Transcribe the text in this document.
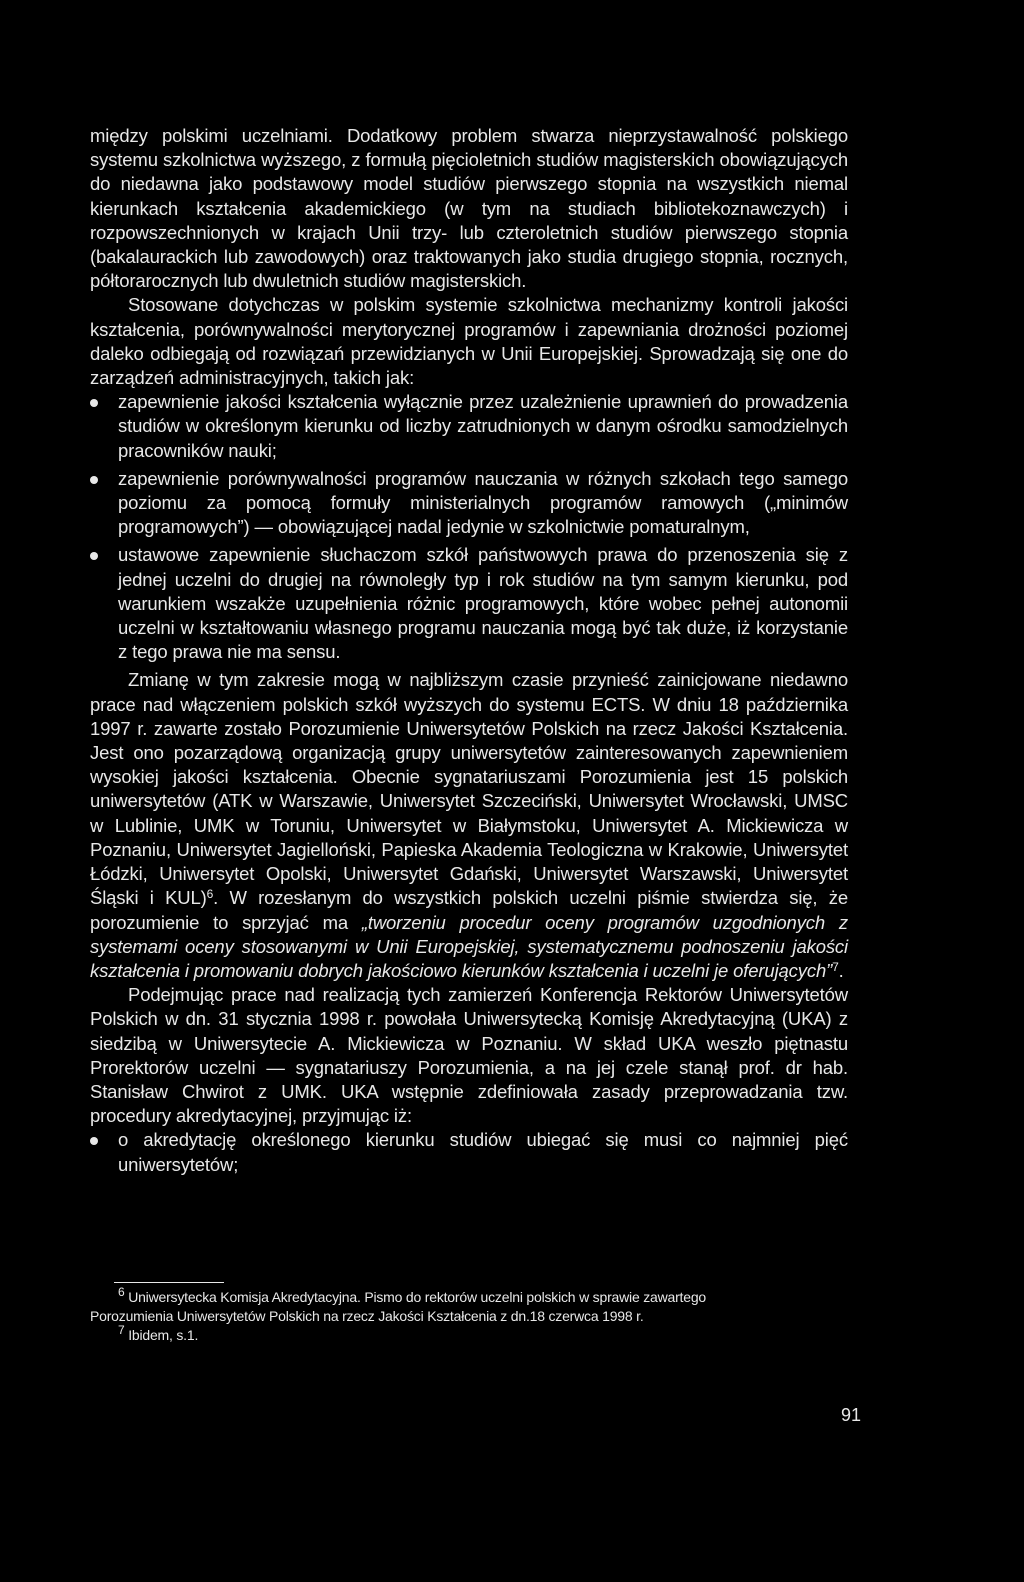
między polskimi uczelniami. Dodatkowy problem stwarza nieprzystawalność polskiego systemu szkolnictwa wyższego, z formułą pięcioletnich studiów magisterskich obowiązujących do niedawna jako podstawowy model studiów pierwszego stopnia na wszystkich niemal kierunkach kształcenia akademickiego (w tym na studiach bibliotekoznawczych) i rozpowszechnionych w krajach Unii trzy- lub czteroletnich studiów pierwszego stopnia (bakalaurackich lub zawodowych) oraz traktowanych jako studia drugiego stopnia, rocznych, półtorarocznych lub dwuletnich studiów magisterskich.

Stosowane dotychczas w polskim systemie szkolnictwa mechanizmy kontroli jakości kształcenia, porównywalności merytorycznej programów i zapewniania drożności poziomej daleko odbiegają od rozwiązań przewidzianych w Unii Europejskiej. Sprowadzają się one do zarządzeń administracyjnych, takich jak:

zapewnienie jakości kształcenia wyłącznie przez uzależnienie uprawnień do prowadzenia studiów w określonym kierunku od liczby zatrudnionych w danym ośrodku samodzielnych pracowników nauki;
zapewnienie porównywalności programów nauczania w różnych szkołach tego samego poziomu za pomocą formuły ministerialnych programów ramowych („minimów programowych”) — obowiązującej nadal jedynie w szkolnictwie pomaturalnym,
ustawowe zapewnienie słuchaczom szkół państwowych prawa do przenoszenia się z jednej uczelni do drugiej na równoległy typ i rok studiów na tym samym kierunku, pod warunkiem wszakże uzupełnienia różnic programowych, które wobec pełnej autonomii uczelni w kształtowaniu własnego programu nauczania mogą być tak duże, iż korzystanie z tego prawa nie ma sensu.

Zmianę w tym zakresie mogą w najbliższym czasie przynieść zainicjowane niedawno prace nad włączeniem polskich szkół wyższych do systemu ECTS. W dniu 18 października 1997 r. zawarte zostało Porozumienie Uniwersytetów Polskich na rzecz Jakości Kształcenia. Jest ono pozarządową organizacją grupy uniwersytetów zainteresowanych zapewnieniem wysokiej jakości kształcenia. Obecnie sygnatariuszami Porozumienia jest 15 polskich uniwersytetów (ATK w Warszawie, Uniwersytet Szczeciński, Uniwersytet Wrocławski, UMSC w Lublinie, UMK w Toruniu, Uniwersytet w Białymstoku, Uniwersytet A. Mickiewicza w Poznaniu, Uniwersytet Jagielloński, Papieska Akademia Teologiczna w Krakowie, Uniwersytet Łódzki, Uniwersytet Opolski, Uniwersytet Gdański, Uniwersytet Warszawski, Uniwersytet Śląski i KUL)$^6$. W rozesłanym do wszystkich polskich uczelni piśmie stwierdza się, że porozumienie to sprzyjać ma „tworzeniu procedur oceny programów uzgodnionych z systemami oceny stosowanymi w Unii Europejskiej, systematycznemu podnoszeniu jakości kształcenia i promowaniu dobrych jakościowo kierunków kształcenia i uczelni je oferujących”$^7$.

Podejmując prace nad realizacją tych zamierzeń Konferencja Rektorów Uniwersytetów Polskich w dn. 31 stycznia 1998 r. powołała Uniwersytecką Komisję Akredytacyjną (UKA) z siedzibą w Uniwersytecie A. Mickiewicza w Poznaniu. W skład UKA weszło piętnastu Prorektorów uczelni — sygnatariuszy Porozumienia, a na jej czele stanął prof. dr hab. Stanisław Chwirot z UMK. UKA wstępnie zdefiniowała zasady przeprowadzania tzw. procedury akredytacyjnej, przyjmując iż:

o akredytację określonego kierunku studiów ubiegać się musi co najmniej pięć uniwersytetów;

$^6$ Uniwersytecka Komisja Akredytacyjna. Pismo do rektorów uczelni polskich w sprawie zawartego

Porozumienia Uniwersytetów Polskich na rzecz Jakości Kształcenia z dn.18 czerwca 1998 r.

$^7$ Ibidem, s.1.

91
